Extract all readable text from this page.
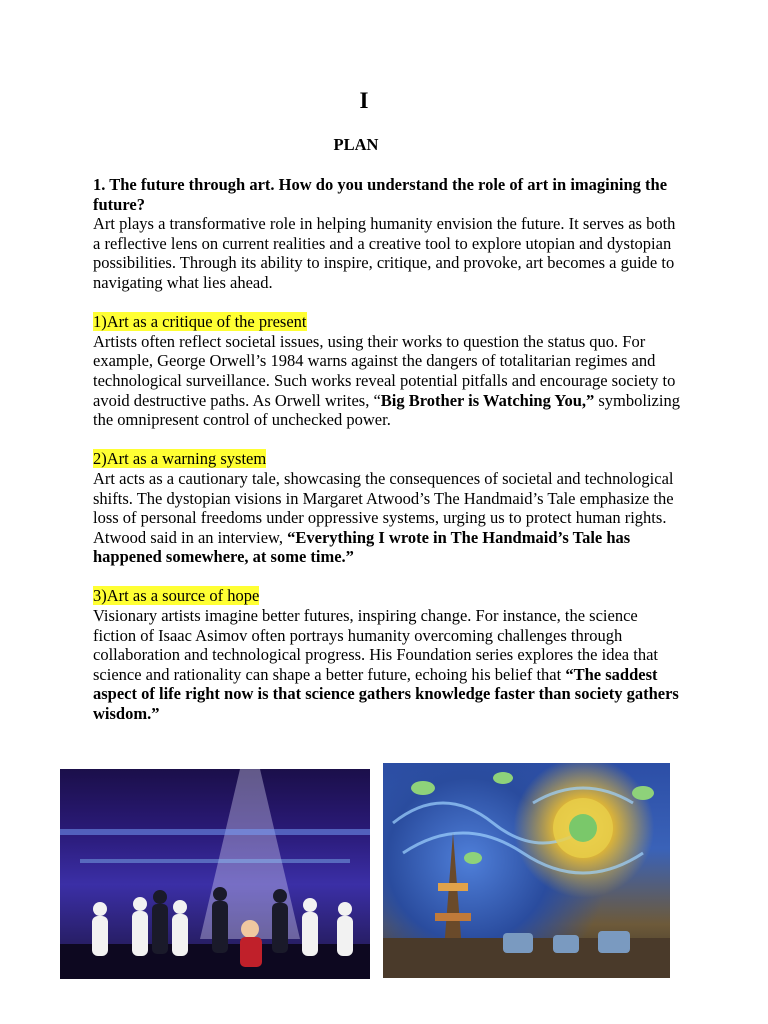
I
PLAN

1. The future through art. How do you understand the role of art in imagining the future?

Art plays a transformative role in helping humanity envision the future. It serves as both a reflective lens on current realities and a creative tool to explore utopian and dystopian possibilities. Through its ability to inspire, critique, and provoke, art becomes a guide to navigating what lies ahead.

1)Art as a critique of the present

Artists often reflect societal issues, using their works to question the status quo. For example, George Orwell’s 1984 warns against the dangers of totalitarian regimes and technological surveillance. Such works reveal potential pitfalls and encourage society to avoid destructive paths. As Orwell writes, “Big Brother is Watching You,” symbolizing the omnipresent control of unchecked power.

2)Art as a warning system

Art acts as a cautionary tale, showcasing the consequences of societal and technological shifts. The dystopian visions in Margaret Atwood’s The Handmaid’s Tale emphasize the loss of personal freedoms under oppressive systems, urging us to protect human rights. Atwood said in an interview, “Everything I wrote in The Handmaid’s Tale has happened somewhere, at some time.”

3)Art as a source of hope

Visionary artists imagine better futures, inspiring change. For instance, the science fiction of Isaac Asimov often portrays humanity overcoming challenges through collaboration and technological progress. His Foundation series explores the idea that science and rationality can shape a better future, echoing his belief that “The saddest aspect of life right now is that science gathers knowledge faster than society gathers wisdom.”
